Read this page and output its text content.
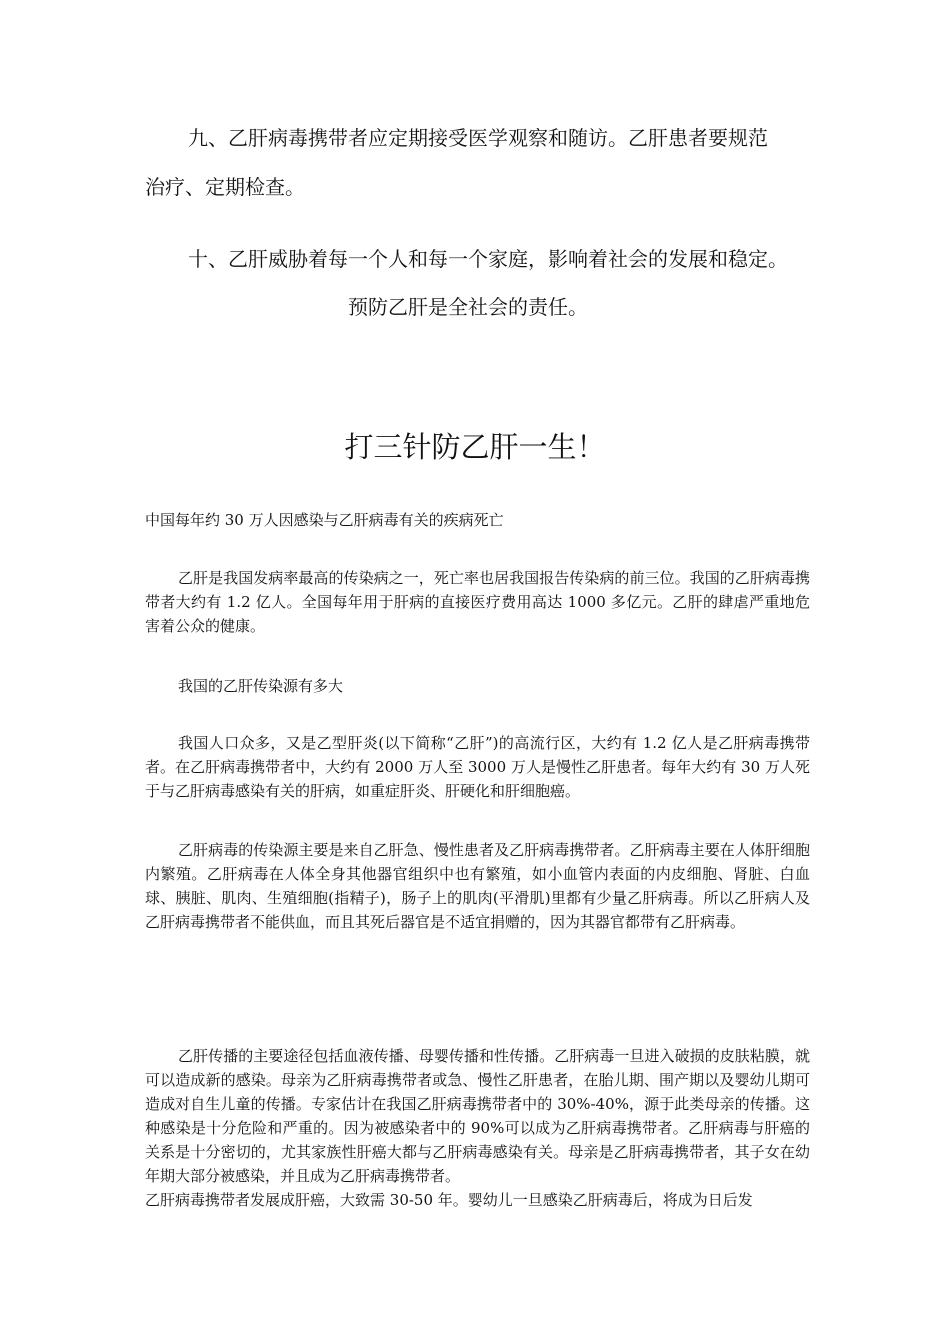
九、乙肝病毒携带者应定期接受医学观察和随访。乙肝患者要规范
治疗、定期检查。
十、乙肝威胁着每一个人和每一个家庭，影响着社会的发展和稳定。
预防乙肝是全社会的责任。
打三针防乙肝一生！
中国每年约 30 万人因感染与乙肝病毒有关的疾病死亡
乙肝是我国发病率最高的传染病之一，死亡率也居我国报告传染病的前三位。我国的乙肝病毒携带者大约有 1.2 亿人。全国每年用于肝病的直接医疗费用高达 1000 多亿元。乙肝的肆虐严重地危害着公众的健康。
我国的乙肝传染源有多大
我国人口众多，又是乙型肝炎(以下简称“乙肝”)的高流行区，大约有 1.2 亿人是乙肝病毒携带者。在乙肝病毒携带者中，大约有 2000 万人至 3000 万人是慢性乙肝患者。每年大约有 30 万人死于与乙肝病毒感染有关的肝病，如重症肝炎、肝硬化和肝细胞癌。
乙肝病毒的传染源主要是来自乙肝急、慢性患者及乙肝病毒携带者。乙肝病毒主要在人体肝细胞内繁殖。乙肝病毒在人体全身其他器官组织中也有繁殖，如小血管内表面的内皮细胞、肾脏、白血球、胰脏、肌肉、生殖细胞(指精子)，肠子上的肌肉(平滑肌)里都有少量乙肝病毒。所以乙肝病人及乙肝病毒携带者不能供血，而且其死后器官是不适宜捐赠的，因为其器官都带有乙肝病毒。
乙肝传播的主要途径包括血液传播、母婴传播和性传播。乙肝病毒一旦进入破损的皮肤粘膜，就可以造成新的感染。母亲为乙肝病毒携带者或急、慢性乙肝患者，在胎儿期、围产期以及婴幼儿期可造成对自生儿童的传播。专家估计在我国乙肝病毒携带者中的 30%-40%，源于此类母亲的传播。这种感染是十分危险和严重的。因为被感染者中的 90%可以成为乙肝病毒携带者。乙肝病毒与肝癌的关系是十分密切的，尤其家族性肝癌大都与乙肝病毒感染有关。母亲是乙肝病毒携带者，其子女在幼年期大部分被感染，并且成为乙肝病毒携带者。
乙肝病毒携带者发展成肝癌，大致需 30-50 年。婴幼儿一旦感染乙肝病毒后，将成为日后发
